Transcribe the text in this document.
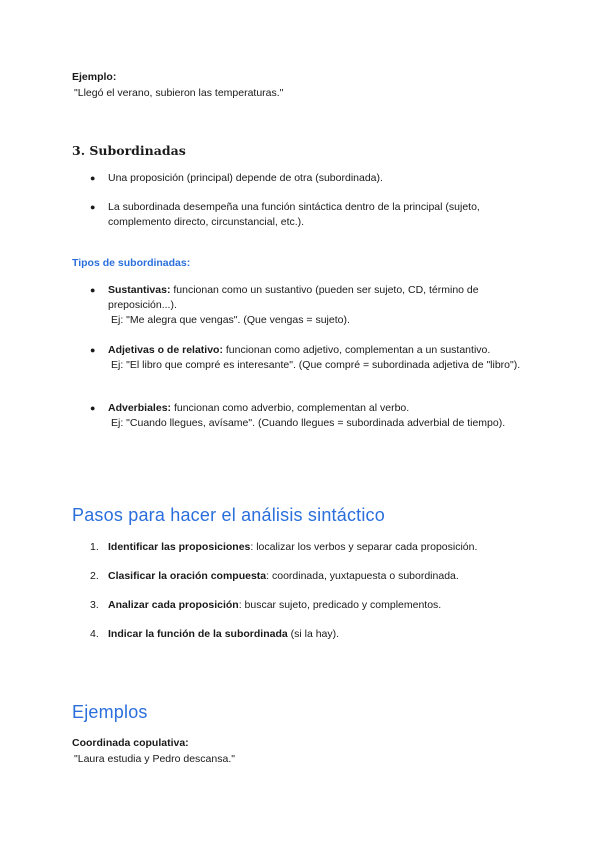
Ejemplo:
"Llegó el verano, subieron las temperaturas."
3. Subordinadas
● Una proposición (principal) depende de otra (subordinada).
● La subordinada desempeña una función sintáctica dentro de la principal (sujeto, complemento directo, circunstancial, etc.).
Tipos de subordinadas:
● Sustantivas: funcionan como un sustantivo (pueden ser sujeto, CD, término de preposición...).
Ej: "Me alegra que vengas". (Que vengas = sujeto).
● Adjetivas o de relativo: funcionan como adjetivo, complementan a un sustantivo.
Ej: "El libro que compré es interesante". (Que compré = subordinada adjetiva de "libro").
● Adverbiales: funcionan como adverbio, complementan al verbo.
Ej: "Cuando llegues, avísame". (Cuando llegues = subordinada adverbial de tiempo).
Pasos para hacer el análisis sintáctico
1. Identificar las proposiciones: localizar los verbos y separar cada proposición.
2. Clasificar la oración compuesta: coordinada, yuxtapuesta o subordinada.
3. Analizar cada proposición: buscar sujeto, predicado y complementos.
4. Indicar la función de la subordinada (si la hay).
Ejemplos
Coordinada copulativa:
"Laura estudia y Pedro descansa."
